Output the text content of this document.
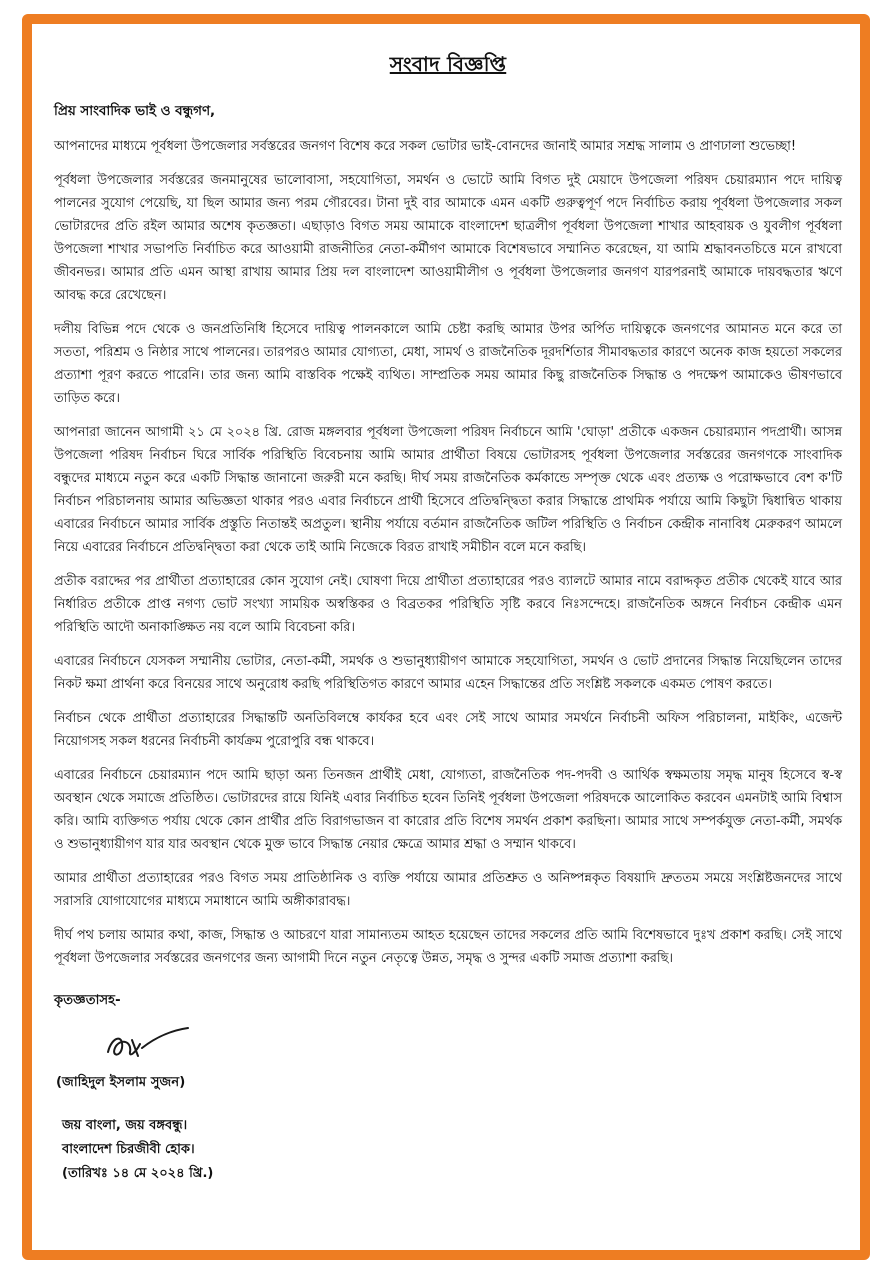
সংবাদ বিজ্ঞপ্তি
প্রিয় সাংবাদিক ভাই ও বন্ধুগণ,

আপনাদের মাধ্যমে পূর্বধলা উপজেলার সর্বস্তরের জনগণ বিশেষ করে সকল ভোটার ভাই-বোনদের জানাই আমার সশ্রদ্ধ সালাম ও প্রাণঢালা শুভেচ্ছা!

পূর্বধলা উপজেলার সর্বস্তরের জনমানুষের ভালোবাসা, সহযোগিতা, সমর্থন ও ভোটে আমি বিগত দুই মেয়াদে উপজেলা পরিষদ চেয়ারম্যান পদে দায়িত্ব পালনের সুযোগ পেয়েছি, যা ছিল আমার জন্য পরম গৌরবের। টানা দুই বার আমাকে এমন একটি গুরুত্বপূর্ণ পদে নির্বাচিত করায় পূর্বধলা উপজেলার সকল ভোটারদের প্রতি রইল আমার অশেষ কৃতজ্ঞতা। এছাড়াও বিগত সময় আমাকে বাংলাদেশ ছাত্রলীগ পূর্বধলা উপজেলা শাখার আহবায়ক ও যুবলীগ পূর্বধলা উপজেলা শাখার সভাপতি নির্বাচিত করে আওয়ামী রাজনীতির নেতা-কর্মীগণ আমাকে বিশেষভাবে সম্মানিত করেছেন, যা আমি শ্রদ্ধাবনতচিত্তে মনে রাখবো জীবনভর। আমার প্রতি এমন আস্থা রাখায় আমার প্রিয় দল বাংলাদেশ আওয়ামীলীগ ও পূর্বধলা উপজেলার জনগণ যারপরনাই আমাকে দায়বদ্ধতার ঋণে আবদ্ধ করে রেখেছেন।

দলীয় বিভিন্ন পদে থেকে ও জনপ্রতিনিধি হিসেবে দায়িত্ব পালনকালে আমি চেষ্টা করছি আমার উপর অর্পিত দায়িত্বকে জনগণের আমানত মনে করে তা সততা, পরিশ্রম ও নিষ্ঠার সাথে পালনের। তারপরও আমার যোগ্যতা, মেধা, সামর্থ ও রাজনৈতিক দূরদর্শিতার সীমাবদ্ধতার কারণে অনেক কাজ হয়তো সকলের প্রত্যাশা পূরণ করতে পারেনি। তার জন্য আমি বাস্তবিক পক্ষেই ব্যথিত। সাম্প্রতিক সময় আমার কিছু রাজনৈতিক সিদ্ধান্ত ও পদক্ষেপ আমাকেও ভীষণভাবে তাড়িত করে।

আপনারা জানেন আগামী ২১ মে ২০২৪ খ্রি. রোজ মঙ্গলবার পূর্বধলা উপজেলা পরিষদ নির্বাচনে আমি 'ঘোড়া' প্রতীকে একজন চেয়ারম্যান পদপ্রার্থী। আসন্ন উপজেলা পরিষদ নির্বাচন ঘিরে সার্বিক পরিস্থিতি বিবেচনায় আমি আমার প্রার্থীতা বিষয়ে ভোটারসহ পূর্বধলা উপজেলার সর্বস্তরের জনগণকে সাংবাদিক বন্ধুদের মাধ্যমে নতুন করে একটি সিদ্ধান্ত জানানো জরুরী মনে করছি। দীর্ঘ সময় রাজনৈতিক কর্মকান্ডে সম্পৃক্ত থেকে এবং প্রত্যক্ষ ও পরোক্ষভাবে বেশ ক'টি নির্বাচন পরিচালনায় আমার অভিজ্ঞতা থাকার পরও এবার নির্বাচনে প্রার্থী হিসেবে প্রতিদ্বন্দ্বিতা করার সিদ্ধান্তে প্রাথমিক পর্যায়ে আমি কিছুটা দ্বিধান্বিত থাকায় এবারের নির্বাচনে আমার সার্বিক প্রস্তুতি নিতান্তই অপ্রতুল। স্থানীয় পর্যায়ে বর্তমান রাজনৈতিক জটিল পরিস্থিতি ও নির্বাচন কেন্দ্রীক নানাবিধ মেরুকরণ আমলে নিয়ে এবারের নির্বাচনে প্রতিদ্বন্দ্বিতা করা থেকে তাই আমি নিজেকে বিরত রাখাই সমীচীন বলে মনে করছি।

প্রতীক বরাদ্দের পর প্রার্থীতা প্রত্যাহারের কোন সুযোগ নেই। ঘোষণা দিয়ে প্রার্থীতা প্রত্যাহারের পরও ব্যালটে আমার নামে বরাদ্দকৃত প্রতীক থেকেই যাবে আর নির্ধারিত প্রতীকে প্রাপ্ত নগণ্য ভোট সংখ্যা সাময়িক অস্বস্তিকর ও বিব্রতকর পরিস্থিতি সৃষ্টি করবে নিঃসন্দেহে। রাজনৈতিক অঙ্গনে নির্বাচন কেন্দ্রীক এমন পরিস্থিতি আদৌ অনাকাঙ্ক্ষিত নয় বলে আমি বিবেচনা করি।

এবারের নির্বাচনে যেসকল সম্মানীয় ভোটার, নেতা-কর্মী, সমর্থক ও শুভানুধ্যায়ীগণ আমাকে সহযোগিতা, সমর্থন ও ভোট প্রদানের সিদ্ধান্ত নিয়েছিলেন তাদের নিকট ক্ষমা প্রার্থনা করে বিনয়ের সাথে অনুরোধ করছি পরিস্থিতিগত কারণে আমার এহেন সিদ্ধান্তের প্রতি সংশ্লিষ্ট সকলকে একমত পোষণ করতে।

নির্বাচন থেকে প্রার্থীতা প্রত্যাহারের সিদ্ধান্তটি অনতিবিলম্বে কার্যকর হবে এবং সেই সাথে আমার সমর্থনে নির্বাচনী অফিস পরিচালনা, মাইকিং, এজেন্ট নিয়োগসহ সকল ধরনের নির্বাচনী কার্যক্রম পুরোপুরি বন্ধ থাকবে।

এবারের নির্বাচনে চেয়ারম্যান পদে আমি ছাড়া অন্য তিনজন প্রার্থীই মেধা, যোগ্যতা, রাজনৈতিক পদ-পদবী ও আর্থিক স্বক্ষমতায় সমৃদ্ধ মানুষ হিসেবে স্ব-স্ব অবস্থান থেকে সমাজে প্রতিষ্ঠিত। ভোটারদের রায়ে যিনিই এবার নির্বাচিত হবেন তিনিই পূর্বধলা উপজেলা পরিষদকে আলোকিত করবেন এমনটাই আমি বিশ্বাস করি। আমি ব্যক্তিগত পর্যায় থেকে কোন প্রার্থীর প্রতি বিরাগভাজন বা কারোর প্রতি বিশেষ সমর্থন প্রকাশ করছিনা। আমার সাথে সম্পর্কযুক্ত নেতা-কর্মী, সমর্থক ও শুভানুধ্যায়ীগণ যার যার অবস্থান থেকে মুক্ত ভাবে সিদ্ধান্ত নেয়ার ক্ষেত্রে আমার শ্রদ্ধা ও সম্মান থাকবে।

আমার প্রার্থীতা প্রত্যাহারের পরও বিগত সময় প্রাতিষ্ঠানিক ও ব্যক্তি পর্যায়ে আমার প্রতিশ্রুত ও অনিষ্পন্নকৃত বিষয়াদি দ্রুততম সময়ে সংশ্লিষ্টজনদের সাথে সরাসরি যোগাযোগের মাধ্যমে সমাধানে আমি অঙ্গীকারাবদ্ধ।

দীর্ঘ পথ চলায় আমার কথা, কাজ, সিদ্ধান্ত ও আচরণে যারা সামান্যতম আহত হয়েছেন তাদের সকলের প্রতি আমি বিশেষভাবে দুঃখ প্রকাশ করছি। সেই সাথে পূর্বধলা উপজেলার সর্বস্তরের জনগণের জন্য আগামী দিনে নতুন নেতৃত্বে উন্নত, সমৃদ্ধ ও সুন্দর একটি সমাজ প্রত্যাশা করছি।

কৃতজ্ঞতাসহ-
(জাহিদুল ইসলাম সুজন)
জয় বাংলা, জয় বঙ্গবন্ধু।
বাংলাদেশ চিরজীবী হোক।
(তারিখঃ ১৪ মে ২০২৪ খ্রি.)
